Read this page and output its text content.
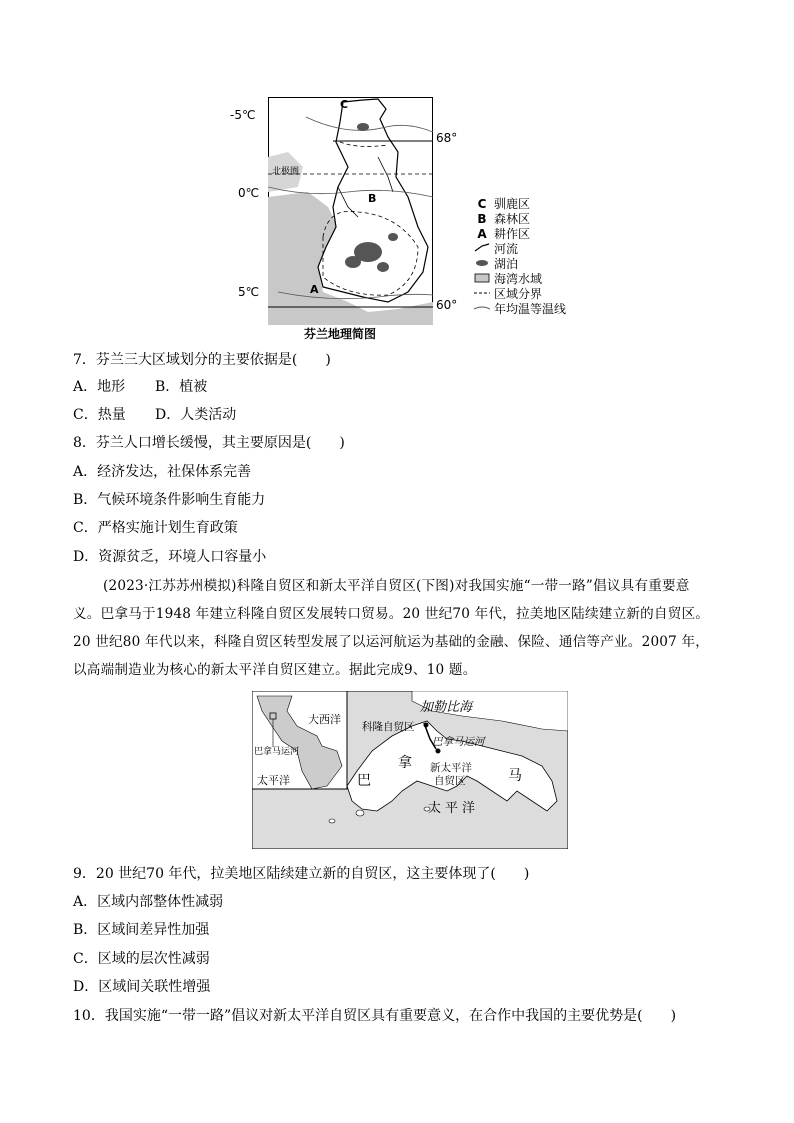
-5℃
0℃
5℃
68°
60°
北极圈
C
B
A
芬兰地理简图
C 驯鹿区
B 森林区
A 耕作区
河流
湖泊
海湾水域
区域分界
年均温等温线
7．芬兰三大区域划分的主要依据是( )
A．地形 B．植被
C．热量 D．人类活动
8．芬兰人口增长缓慢，其主要原因是( )
A．经济发达，社保体系完善
B．气候环境条件影响生育能力
C．严格实施计划生育政策
D．资源贫乏，环境人口容量小
(2023·江苏苏州模拟)科隆自贸区和新太平洋自贸区(下图)对我国实施“一带一路”倡议具有重要意
义。巴拿马于1948 年建立科隆自贸区发展转口贸易。20 世纪70 年代，拉美地区陆续建立新的自贸区。
20 世纪80 年代以来，科隆自贸区转型发展了以运河航运为基础的金融、保险、通信等产业。2007 年，
以高端制造业为核心的新太平洋自贸区建立。据此完成9、10 题。
加勒比海
大西洋
巴拿马运河
太平洋
科隆自贸区
巴拿马运河
新太平洋
自贸区
巴
拿
马
太平洋
9．20 世纪70 年代，拉美地区陆续建立新的自贸区，这主要体现了( )
A．区域内部整体性减弱
B．区域间差异性加强
C．区域的层次性减弱
D．区域间关联性增强
10．我国实施“一带一路”倡议对新太平洋自贸区具有重要意义，在合作中我国的主要优势是( )
